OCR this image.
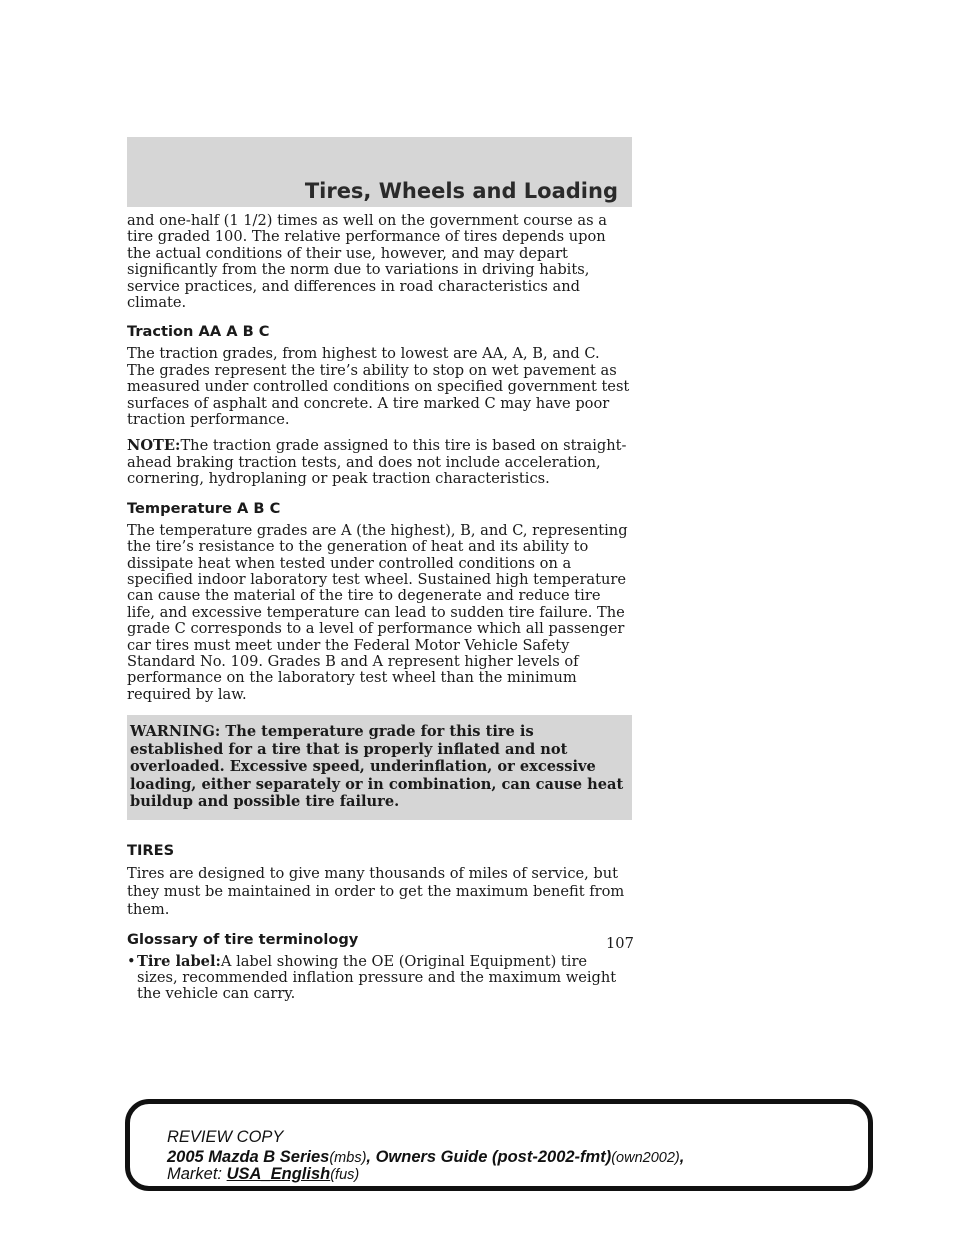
Tires, Wheels and Loading

and one-half (1 1/2) times as well on the government course as a tire graded 100. The relative performance of tires depends upon the actual conditions of their use, however, and may depart significantly from the norm due to variations in driving habits, service practices, and differences in road characteristics and climate.

Traction AA A B C

The traction grades, from highest to lowest are AA, A, B, and C. The grades represent the tire’s ability to stop on wet pavement as measured under controlled conditions on specified government test surfaces of asphalt and concrete. A tire marked C may have poor traction performance.

NOTE:The traction grade assigned to this tire is based on straight-ahead braking traction tests, and does not include acceleration, cornering, hydroplaning or peak traction characteristics.

Temperature A B C

The temperature grades are A (the highest), B, and C, representing the tire’s resistance to the generation of heat and its ability to dissipate heat when tested under controlled conditions on a specified indoor laboratory test wheel. Sustained high temperature can cause the material of the tire to degenerate and reduce tire life, and excessive temperature can lead to sudden tire failure. The grade C corresponds to a level of performance which all passenger car tires must meet under the Federal Motor Vehicle Safety Standard No. 109. Grades B and A represent higher levels of performance on the laboratory test wheel than the minimum required by law.

WARNING: The temperature grade for this tire is established for a tire that is properly inflated and not overloaded. Excessive speed, underinflation, or excessive loading, either separately or in combination, can cause heat buildup and possible tire failure.

TIRES

Tires are designed to give many thousands of miles of service, but they must be maintained in order to get the maximum benefit from them.

Glossary of tire terminology
• Tire label:A label showing the OE (Original Equipment) tire sizes, recommended inflation pressure and the maximum weight the vehicle can carry.

107

REVIEW COPY

2005 Mazda B Series(mbs), Owners Guide (post-2002-fmt)(own2002),

Market: USA_English(fus)
